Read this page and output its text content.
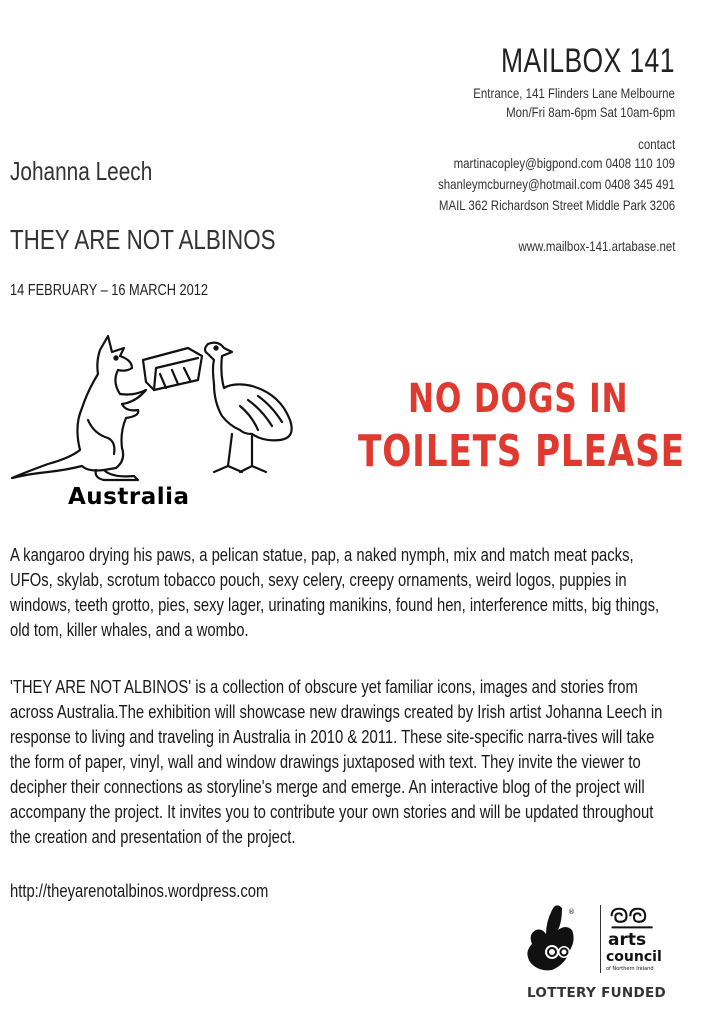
MAILBOX 141
Entrance, 141 Flinders Lane Melbourne
Mon/Fri 8am-6pm Sat 10am-6pm
contact
martinacopley@bigpond.com 0408 110 109
shanleymcburney@hotmail.com 0408 345 491
MAIL 362 Richardson Street Middle Park 3206
www.mailbox-141.artabase.net
Johanna Leech
THEY ARE NOT ALBINOS
14 FEBRUARY – 16 MARCH 2012
Australia
NO DOGS IN
TOILETS PLEASE
A kangaroo drying his paws, a pelican statue, pap, a naked nymph, mix and match meat packs, UFOs, skylab, scrotum tobacco pouch, sexy celery, creepy ornaments, weird logos, puppies in windows, teeth grotto, pies, sexy lager, urinating manikins, found hen, interference mitts, big things, old tom, killer whales, and a wombo.
'THEY ARE NOT ALBINOS' is a collection of obscure yet familiar icons, images and stories from across Australia.The exhibition will showcase new drawings created by Irish artist Johanna Leech in response to living and traveling in Australia in 2010 & 2011. These site-specific narra-tives will take the form of paper, vinyl, wall and window drawings juxtaposed with text. They invite the viewer to decipher their connections as storyline's merge and emerge. An interactive blog of the project will accompany the project. It invites you to contribute your own stories and will be updated throughout the creation and presentation of the project.
http://theyarenotalbinos.wordpress.com
®
arts
council
of Northern Ireland
LOTTERY FUNDED
